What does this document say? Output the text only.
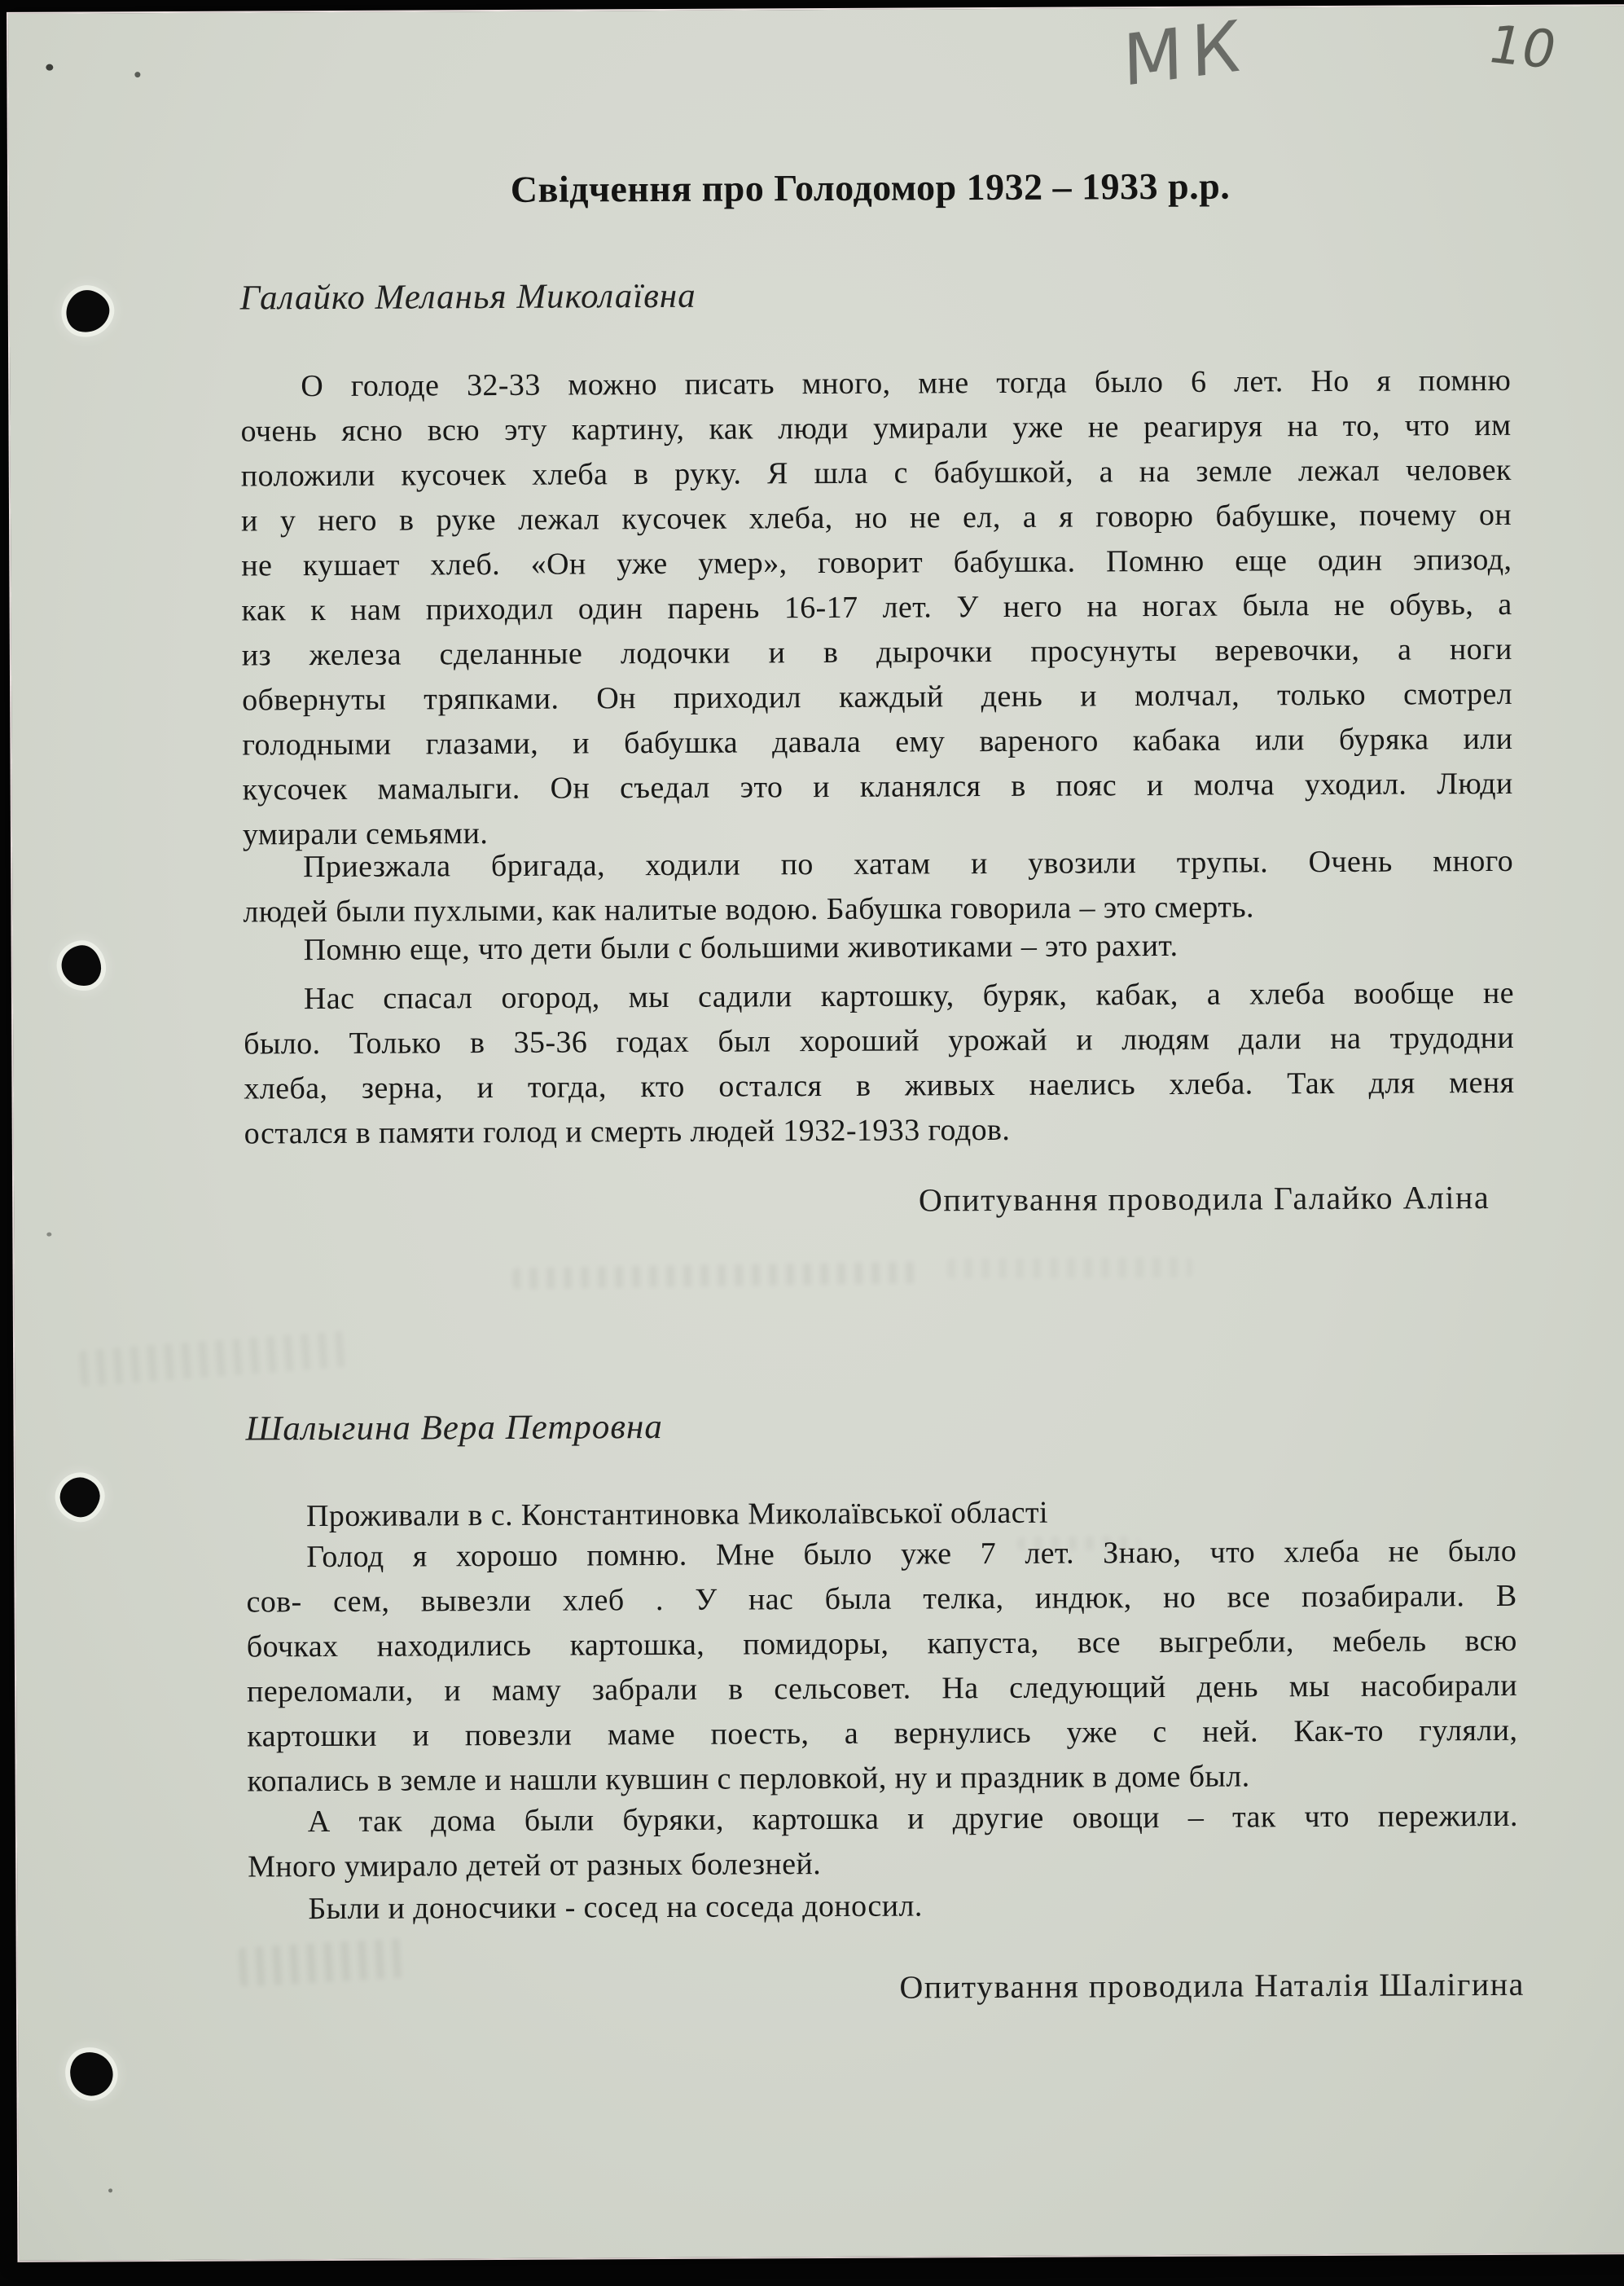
МК	10
Свідчення про Голодомор 1932 – 1933 р.р.
Галайко Меланья Миколаївна
О голоде 32-33 можно писать много, мне тогда было 6 лет. Но я помню
очень ясно всю эту картину, как люди умирали уже не реагируя на то, что им
положили кусочек хлеба в руку. Я шла с бабушкой, а на земле лежал человек
и у него в руке лежал кусочек хлеба, но не ел, а я говорю бабушке, почему он
не кушает хлеб. «Он уже умер», говорит бабушка. Помню еще один эпизод,
как к нам приходил один парень 16-17 лет. У него на ногах была не обувь, а
из железа сделанные лодочки и в дырочки просунуты веревочки, а ноги
обвернуты тряпками. Он приходил каждый день и молчал, только смотрел
голодными глазами, и бабушка давала ему вареного кабака или буряка или
кусочек мамалыги. Он съедал это и кланялся в пояс и молча уходил. Люди
умирали семьями.
Приезжала бригада, ходили по хатам и увозили трупы. Очень много
людей были пухлыми, как налитые водою. Бабушка говорила – это смерть.
Помню еще, что дети были с большими животиками – это рахит.
Нас спасал огород, мы садили картошку, буряк, кабак, а хлеба вообще не
было. Только в 35-36 годах был хороший урожай и людям дали на трудодни
хлеба, зерна, и тогда, кто остался в живых наелись хлеба. Так для меня
остался в памяти голод и смерть людей 1932-1933 годов.
Опитування проводила Галайко Аліна
Шалыгина Вера Петровна
Проживали в с. Константиновка Миколаївської області
Голод я хорошо помню. Мне было уже 7 лет. Знаю, что хлеба не было
сов- сем, вывезли хлеб . У нас была телка, индюк, но все позабирали. В
бочках находились картошка, помидоры, капуста, все выгребли, мебель всю
переломали, и маму забрали в сельсовет. На следующий день мы насобирали
картошки и повезли маме поесть, а вернулись уже с ней. Как-то гуляли,
копались в земле и нашли кувшин с перловкой, ну и праздник в доме был.
А так дома были буряки, картошка и другие овощи – так что пережили.
Много умирало детей от разных болезней.
Были и доносчики - сосед на соседа доносил.
Опитування проводила Наталія Шалігина
